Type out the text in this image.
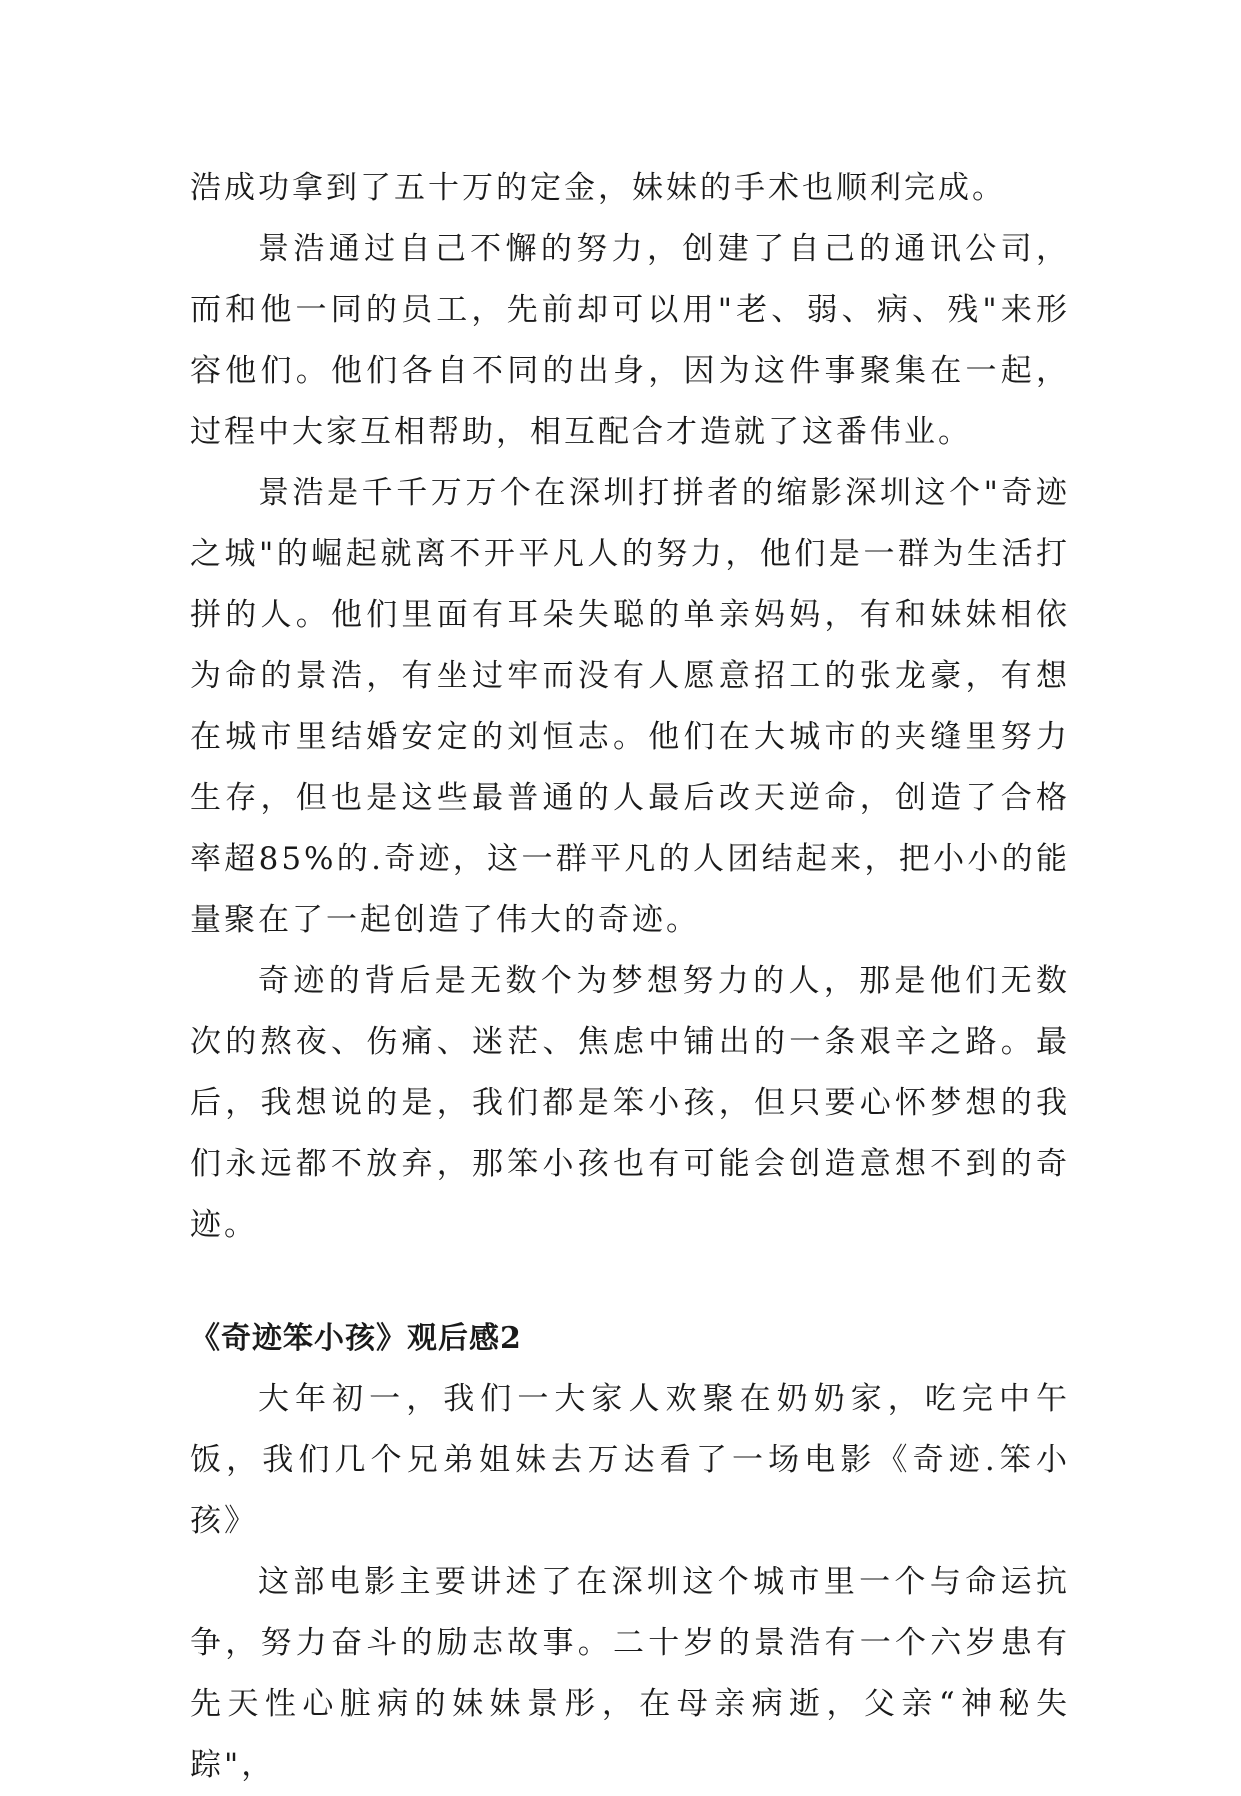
浩成功拿到了五十万的定金，妹妹的手术也顺利完成。

景浩通过自己不懈的努力，创建了自己的通讯公司，而和他一同的员工，先前却可以用"老、弱、病、残"来形容他们。他们各自不同的出身，因为这件事聚集在一起，过程中大家互相帮助，相互配合才造就了这番伟业。

景浩是千千万万个在深圳打拼者的缩影深圳这个"奇迹之城"的崛起就离不开平凡人的努力，他们是一群为生活打拼的人。他们里面有耳朵失聪的单亲妈妈，有和妹妹相依为命的景浩，有坐过牢而没有人愿意招工的张龙豪，有想在城市里结婚安定的刘恒志。他们在大城市的夹缝里努力生存，但也是这些最普通的人最后改天逆命，创造了合格率超85%的.奇迹，这一群平凡的人团结起来，把小小的能量聚在了一起创造了伟大的奇迹。

奇迹的背后是无数个为梦想努力的人，那是他们无数次的熬夜、伤痛、迷茫、焦虑中铺出的一条艰辛之路。最后，我想说的是，我们都是笨小孩，但只要心怀梦想的我们永远都不放弃，那笨小孩也有可能会创造意想不到的奇迹。

《奇迹笨小孩》观后感2

大年初一，我们一大家人欢聚在奶奶家，吃完中午饭，我们几个兄弟姐妹去万达看了一场电影《奇迹.笨小孩》

这部电影主要讲述了在深圳这个城市里一个与命运抗争，努力奋斗的励志故事。二十岁的景浩有一个六岁患有先天性心脏病的妹妹景彤，在母亲病逝，父亲“神秘失踪"，
